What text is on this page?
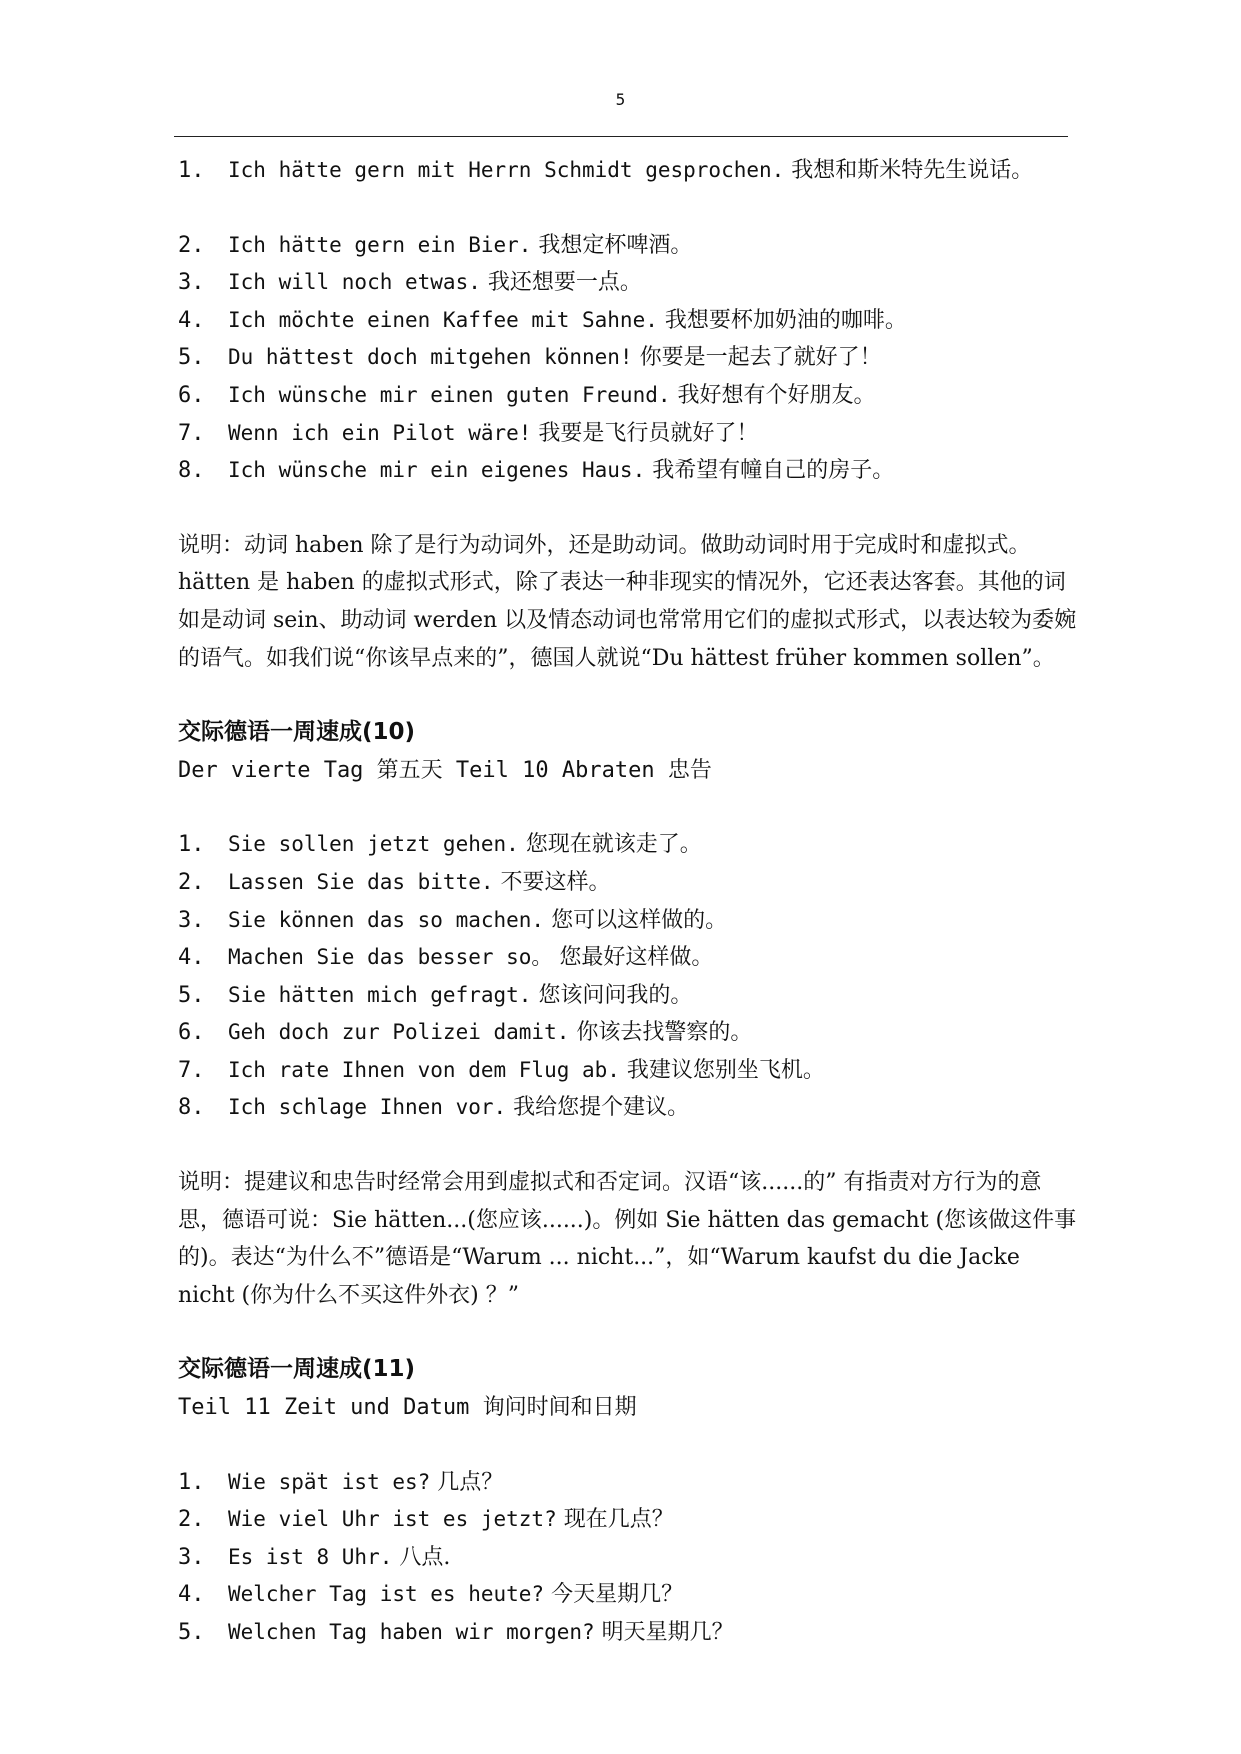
5
1.	Ich hätte gern mit Herrn Schmidt gesprochen. 我想和斯米特先生说话。
2.	Ich hätte gern ein Bier. 我想定杯啤酒。
3.	Ich will noch etwas. 我还想要一点。
4.	Ich möchte einen Kaffee mit Sahne. 我想要杯加奶油的咖啡。
5.	Du hättest doch mitgehen können! 你要是一起去了就好了！
6.	Ich wünsche mir einen guten Freund. 我好想有个好朋友。
7.	Wenn ich ein Pilot wäre! 我要是飞行员就好了！
8.	Ich wünsche mir ein eigenes Haus. 我希望有幢自己的房子。

说明：动词 haben 除了是行为动词外，还是助动词。做助动词时用于完成时和虚拟式。hätten 是 haben 的虚拟式形式，除了表达一种非现实的情况外，它还表达客套。其他的词如是动词 sein、助动词 werden 以及情态动词也常常用它们的虚拟式形式，以表达较为委婉的语气。如我们说“你该早点来的”，德国人就说“Du hättest früher kommen sollen”。

交际德语一周速成(10)

Der vierte Tag 第五天 Teil 10 Abraten 忠告

1.	Sie sollen jetzt gehen. 您现在就该走了。
2.	Lassen Sie das bitte. 不要这样。
3.	Sie können das so machen. 您可以这样做的。
4.	Machen Sie das besser so。 您最好这样做。
5.	Sie hätten mich gefragt. 您该问问我的。
6.	Geh doch zur Polizei damit. 你该去找警察的。
7.	Ich rate Ihnen von dem Flug ab. 我建议您别坐飞机。
8.	Ich schlage Ihnen vor. 我给您提个建议。

说明：提建议和忠告时经常会用到虚拟式和否定词。汉语“该......的” 有指责对方行为的意思，德语可说：Sie hätten...(您应该......)。例如 Sie hätten das gemacht (您该做这件事的)。表达“为什么不”德语是“Warum ... nicht...”，如“Warum kaufst du die Jacke nicht (你为什么不买这件外衣) ？”

交际德语一周速成(11)

Teil 11 Zeit und Datum 询问时间和日期

1.	Wie spät ist es? 几点？
2.	Wie viel Uhr ist es jetzt? 现在几点？
3.	Es ist 8 Uhr. 八点.
4.	Welcher Tag ist es heute? 今天星期几？
5.	Welchen Tag haben wir morgen? 明天星期几？
